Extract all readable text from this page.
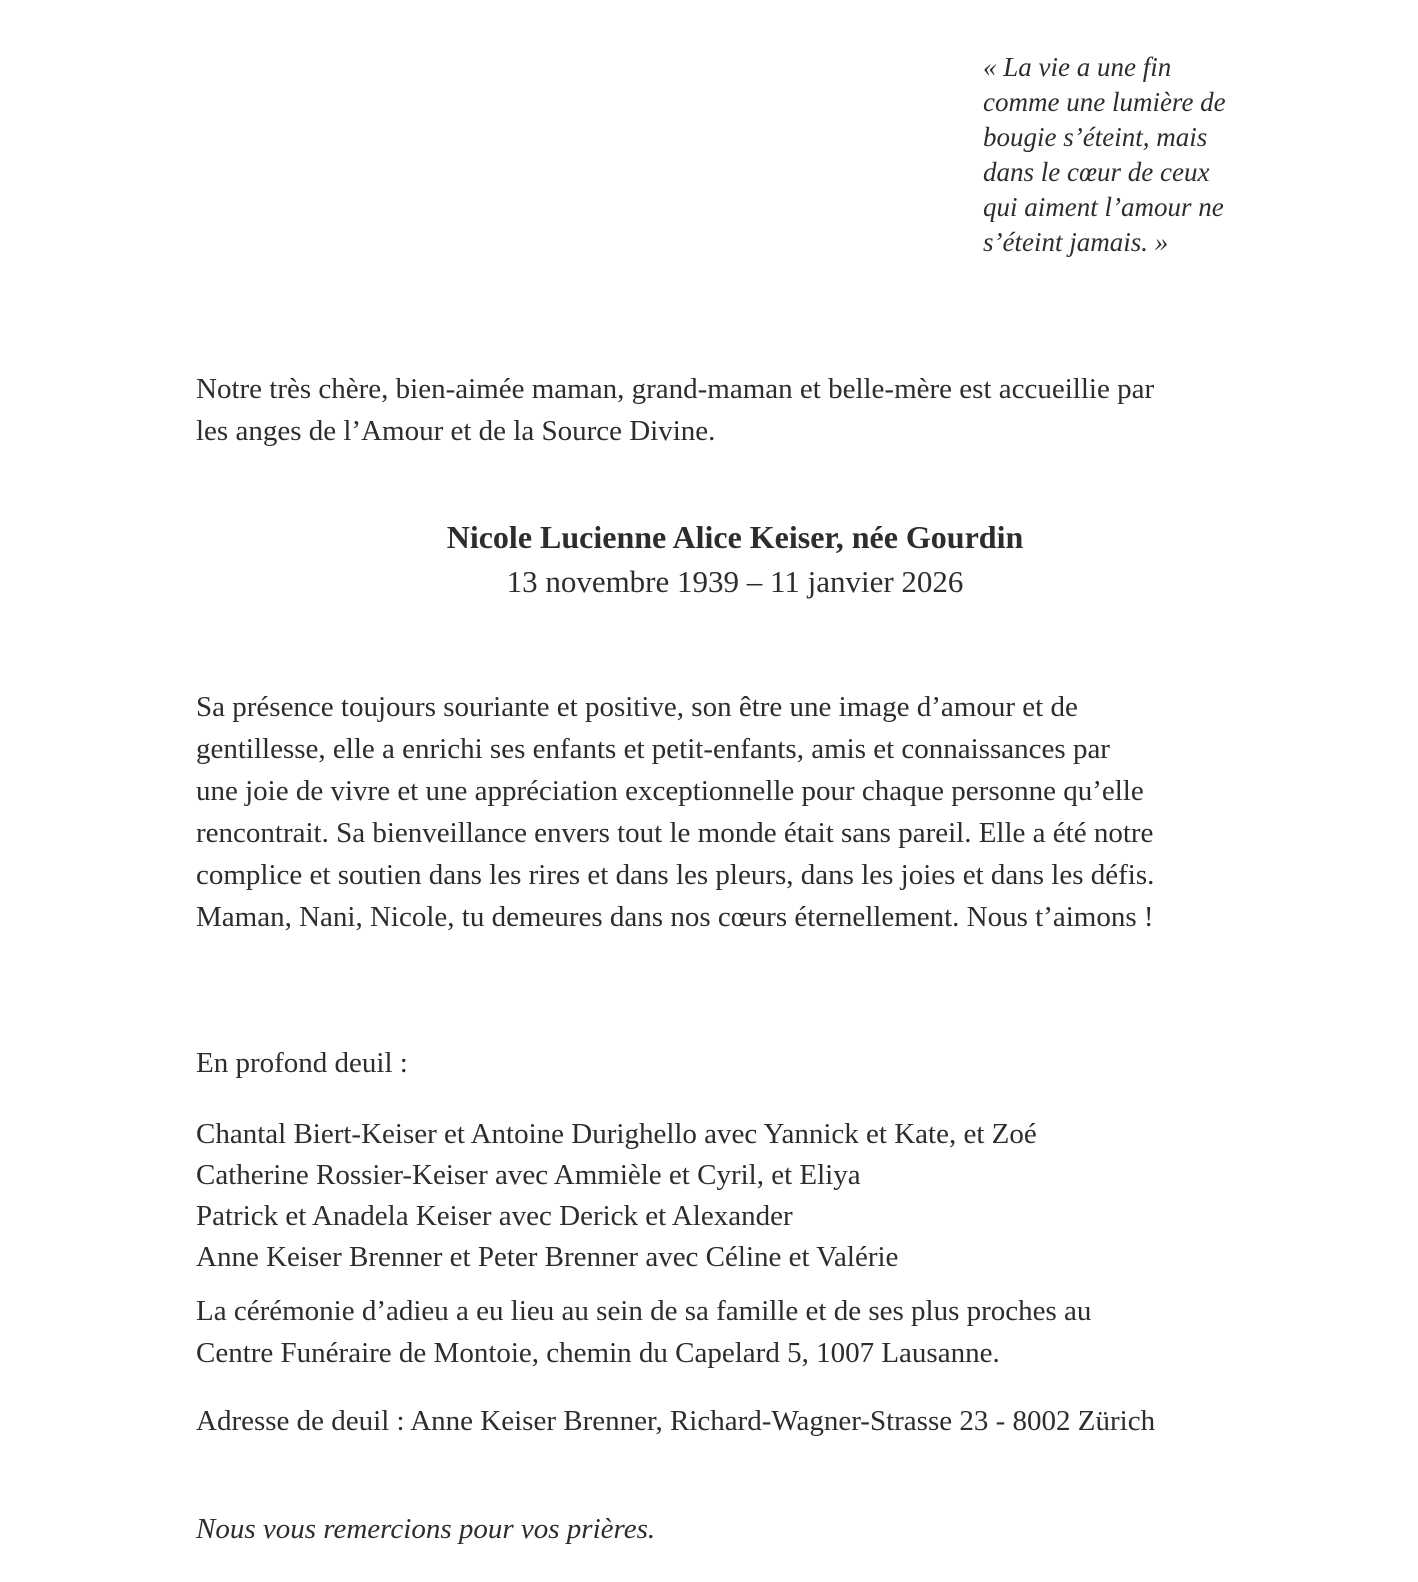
« La vie a une fin
comme une lumière de
bougie s’éteint, mais
dans le cœur de ceux
qui aiment l’amour ne
s’éteint jamais. »
Notre très chère, bien-aimée maman, grand-maman et belle-mère est accueillie par
les anges de l’Amour et de la Source Divine.
Nicole Lucienne Alice Keiser, née Gourdin
13 novembre 1939 – 11 janvier 2026
Sa présence toujours souriante et positive, son être une image d’amour et de
gentillesse, elle a enrichi ses enfants et petit-enfants, amis et connaissances par
une joie de vivre et une appréciation exceptionnelle pour chaque personne qu’elle
rencontrait. Sa bienveillance envers tout le monde était sans pareil. Elle a été notre
complice et soutien dans les rires et dans les pleurs, dans les joies et dans les défis.
Maman, Nani, Nicole, tu demeures dans nos cœurs éternellement. Nous t’aimons !
En profond deuil :
Chantal Biert-Keiser et Antoine Durighello avec Yannick et Kate, et Zoé
Catherine Rossier-Keiser avec Ammièle et Cyril, et Eliya
Patrick et Anadela Keiser avec Derick et Alexander
Anne Keiser Brenner et Peter Brenner avec Céline et Valérie
La cérémonie d’adieu a eu lieu au sein de sa famille et de ses plus proches au
Centre Funéraire de Montoie, chemin du Capelard 5, 1007 Lausanne.
Adresse de deuil : Anne Keiser Brenner, Richard-Wagner-Strasse 23 - 8002 Zürich
Nous vous remercions pour vos prières.
